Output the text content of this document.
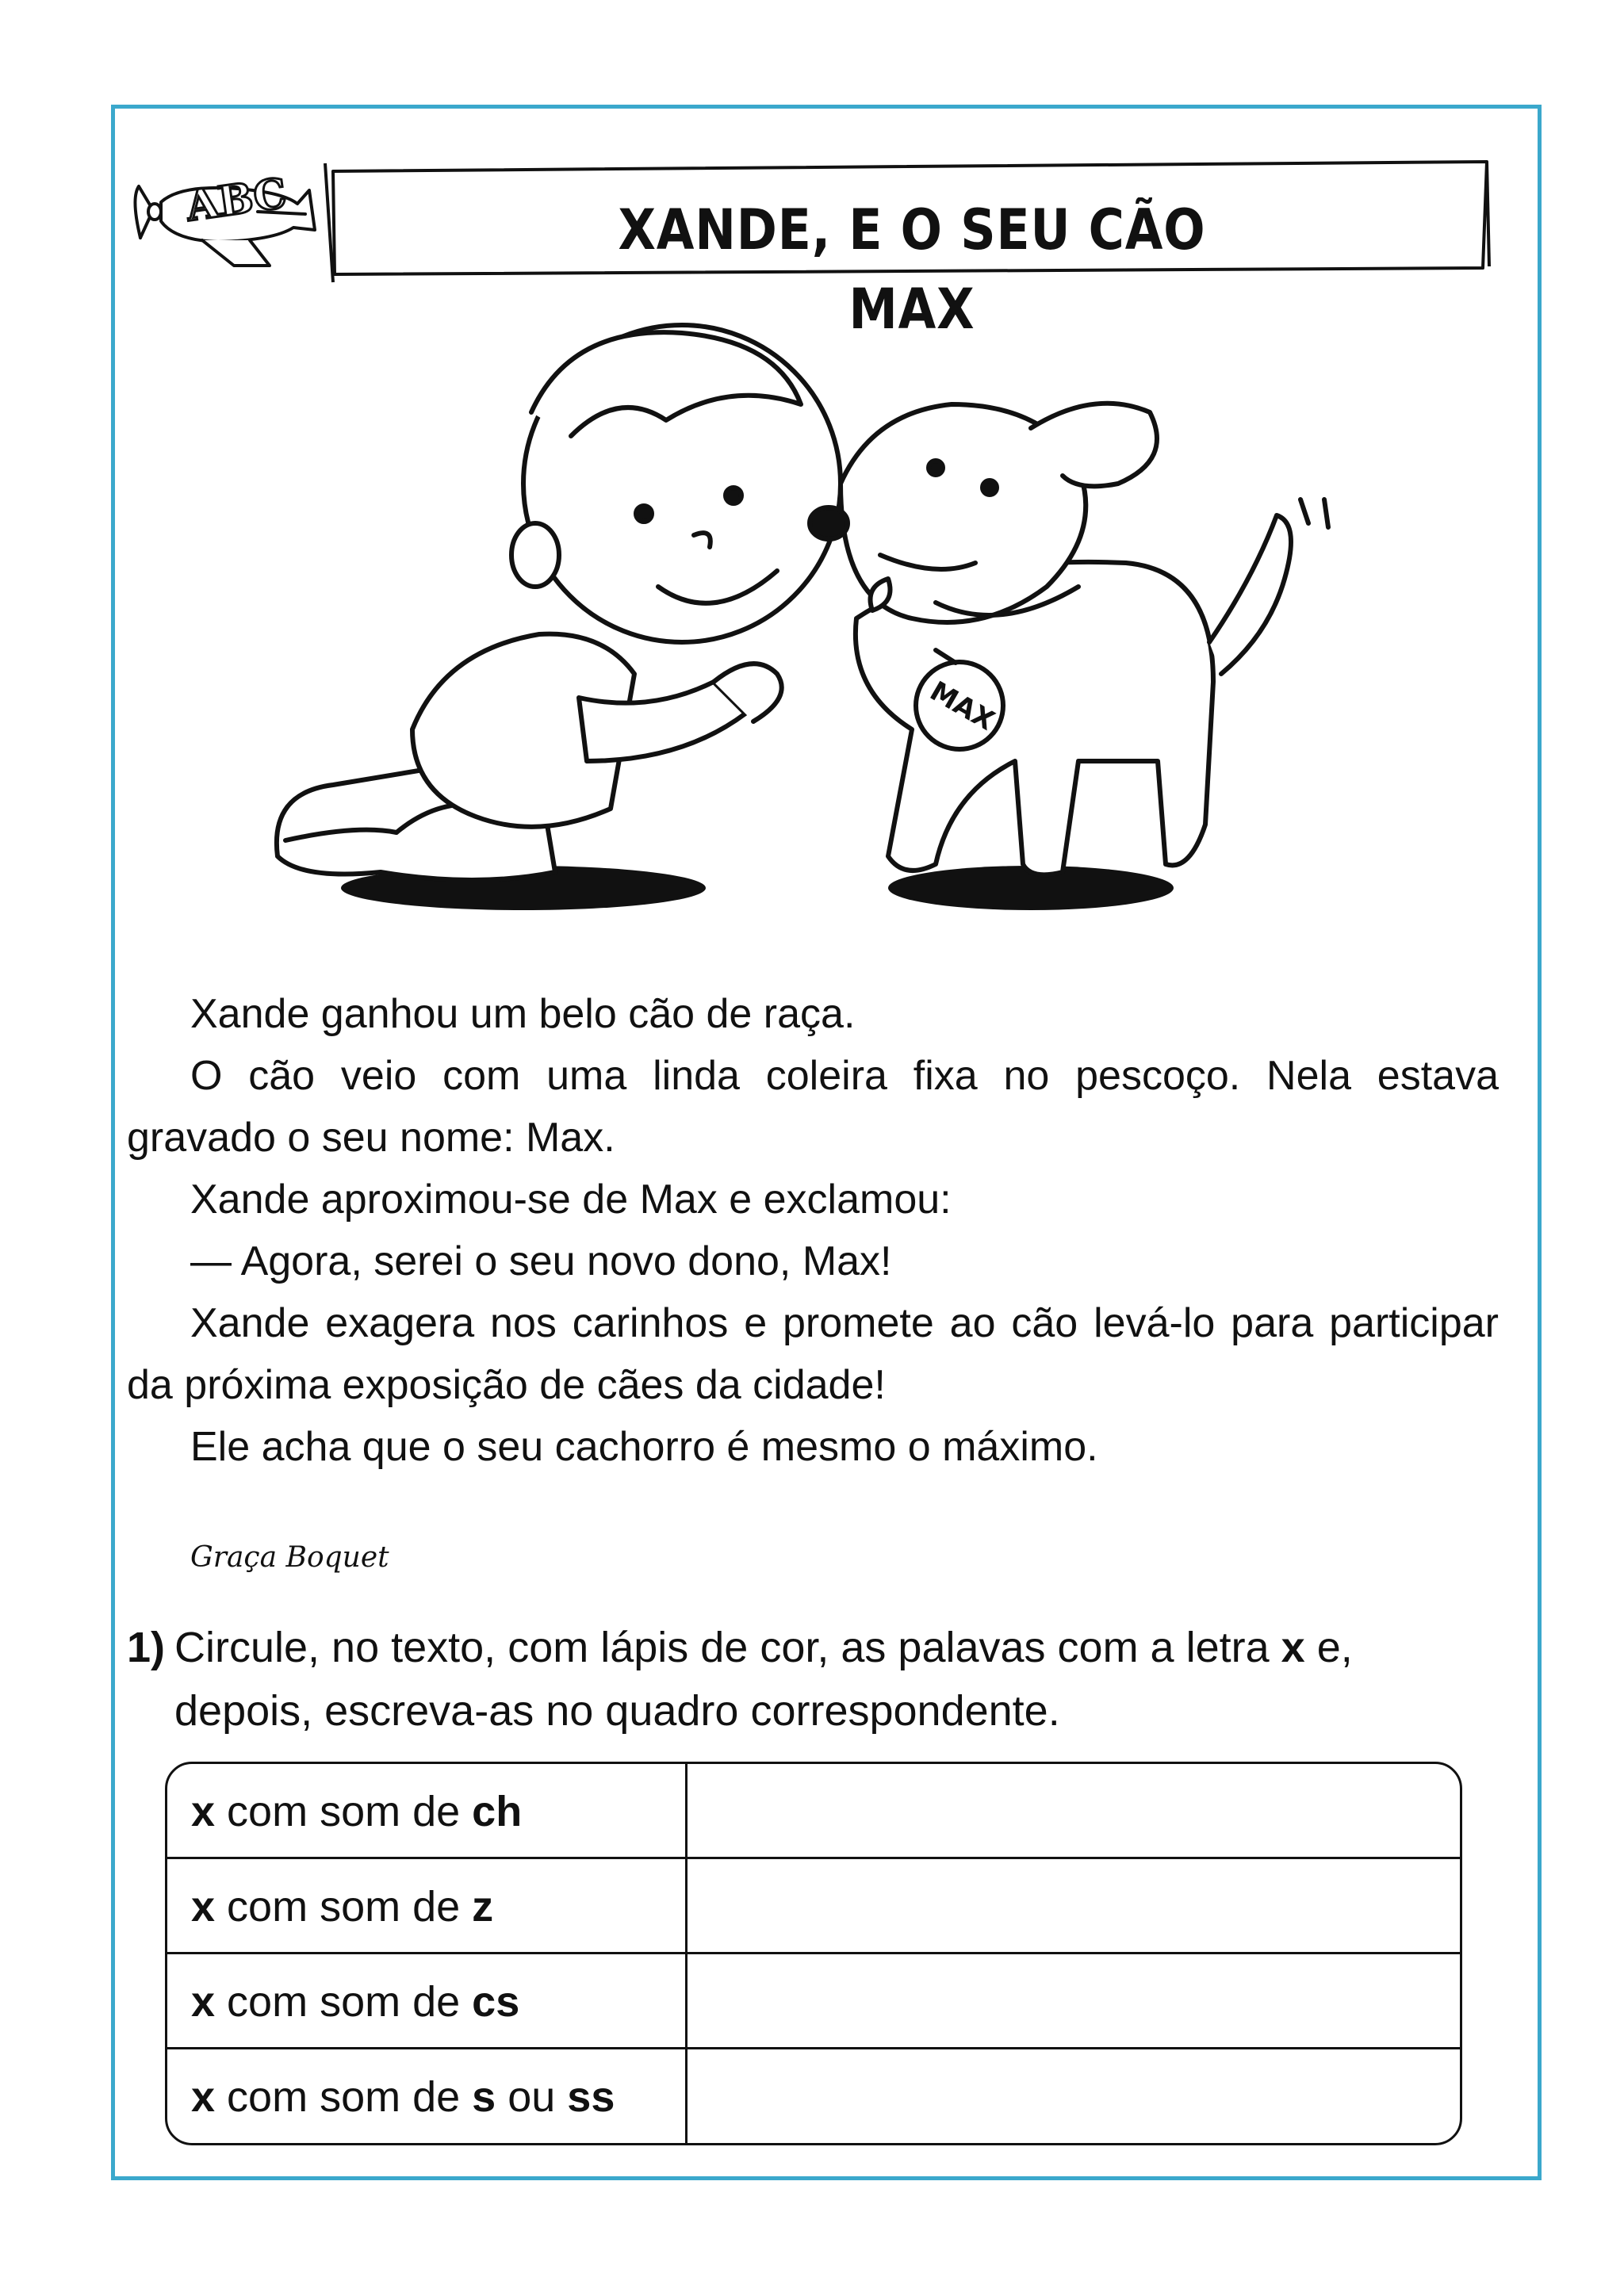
ABC	XANDE, E O SEU CÃO MAX
MAX

Xande ganhou um belo cão de raça.

O cão veio com uma linda coleira fixa no pescoço. Nela estava gravado o seu nome: Max.

Xande aproximou-se de Max e exclamou:

— Agora, serei o seu novo dono, Max!

Xande exagera nos carinhos e promete ao cão levá-lo para participar da próxima exposição de cães da cidade!

Ele acha que o seu cachorro é mesmo o máximo.

Graça Boquet
1) Circule, no texto, com lápis de cor, as palavas com a letra x e,
depois, escreva-as no quadro correspondente.
x com som de ch
x com som de z
x com som de cs
x com som de s ou ss
